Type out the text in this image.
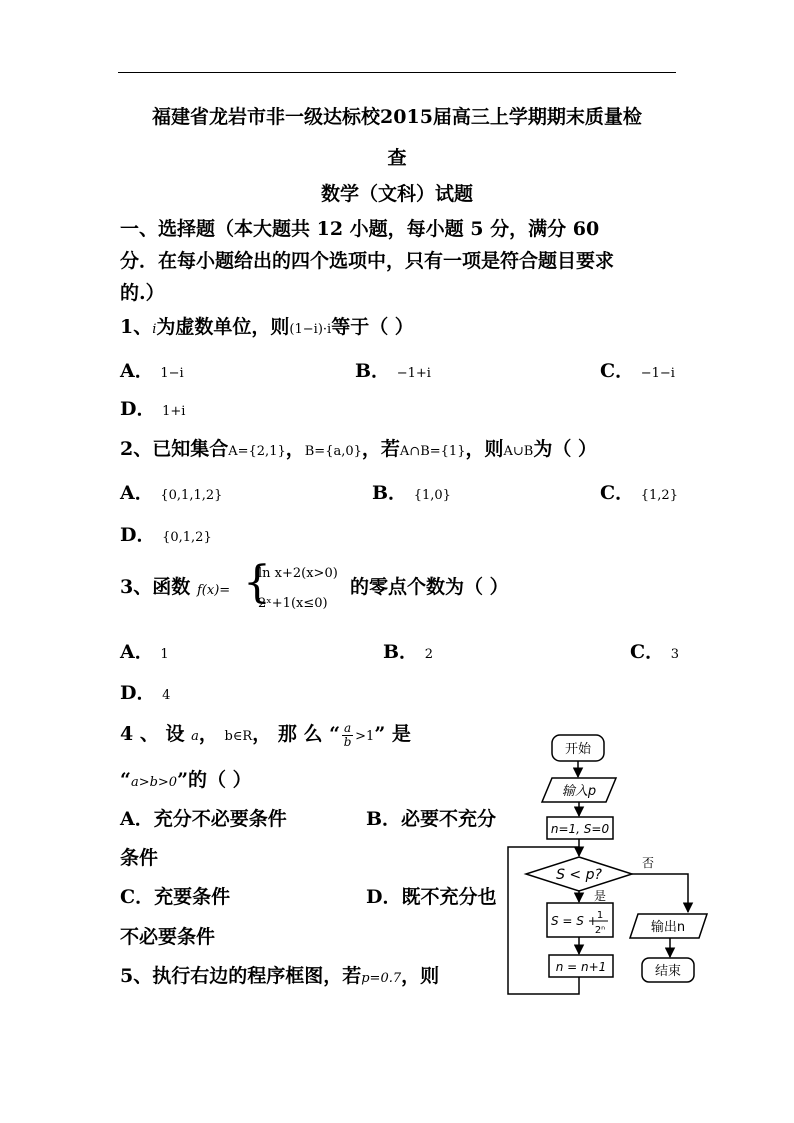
福建省龙岩市非一级达标校2015届高三上学期期末质量检
查
数学（文科）试题
一、选择题（本大题共 12 小题，每小题 5 分，满分 60
分．在每小题给出的四个选项中，只有一项是符合题目要求
的.）
1、i为虚数单位，则(1−i)·i等于（ ）
A． 1−i	B． −1+i	C． −1−i
D． 1+i
2、已知集合A={2,1}，B={a,0}，若A∩B={1}，则A∪B为（ ）
A． {0,1,1,2}	B． {1,0}	C． {1,2}
D． {0,1,2}
3、函数 f(x)= {
ln x+2(x>0)
2ˣ+1(x≤0)
的零点个数为（ ）
A． 1	B． 2	C． 3
D． 4
4 、 设 a， b∈R， 那 么 “ $\frac{a}{b} >1$” 是
“a>b>0”的（ ）
A．充分不必要条件	B．必要不充分
条件
C．充要条件	D．既不充分也
不必要条件
5、执行右边的程序框图，若p=0.7，则
开始
输入p
n=1, S=0
S < p?
是
否
S = S + 1
2ⁿ
n = n+1
输出n
结束
